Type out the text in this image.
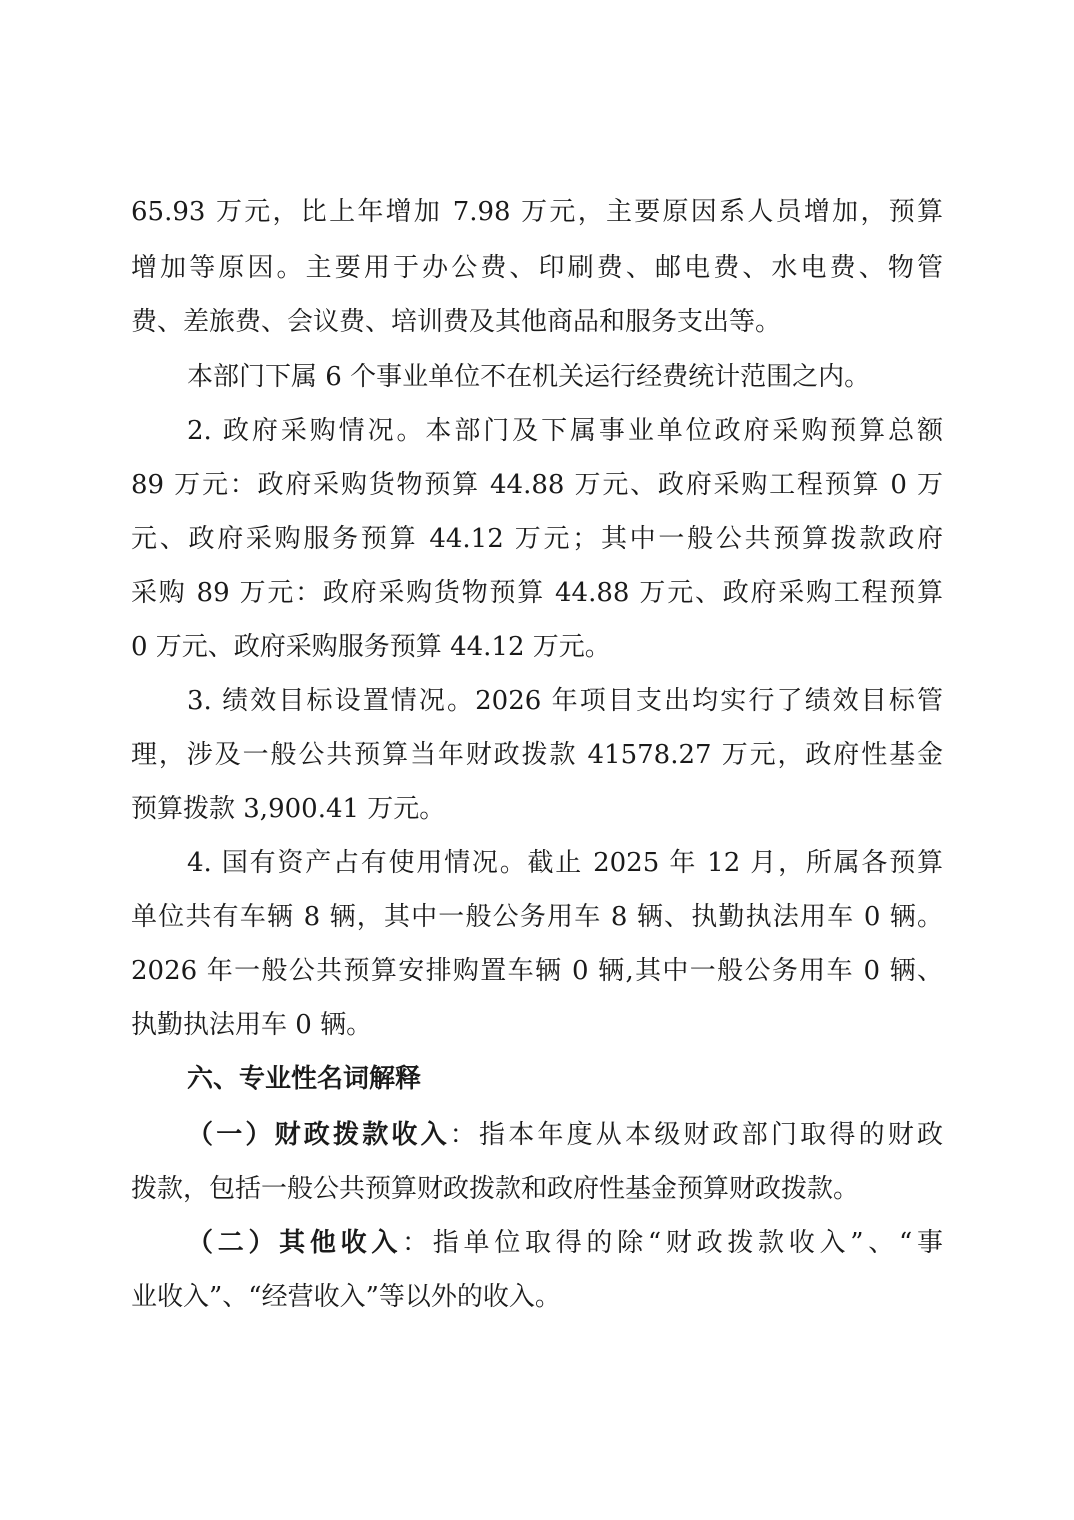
65.93 万元，比上年增加 7.98 万元，主要原因系人员增加，预算
增加等原因。主要用于办公费、印刷费、邮电费、水电费、物管
费、差旅费、会议费、培训费及其他商品和服务支出等。
本部门下属 6 个事业单位不在机关运行经费统计范围之内。
2. 政府采购情况。本部门及下属事业单位政府采购预算总额
89 万元：政府采购货物预算 44.88 万元、政府采购工程预算 0 万
元、政府采购服务预算 44.12 万元；其中一般公共预算拨款政府
采购 89 万元：政府采购货物预算 44.88 万元、政府采购工程预算
0 万元、政府采购服务预算 44.12 万元。
3. 绩效目标设置情况。2026 年项目支出均实行了绩效目标管
理，涉及一般公共预算当年财政拨款 41578.27 万元，政府性基金
预算拨款 3,900.41 万元。
4. 国有资产占有使用情况。截止 2025 年 12 月，所属各预算
单位共有车辆 8 辆，其中一般公务用车 8 辆、执勤执法用车 0 辆。
2026 年一般公共预算安排购置车辆 0 辆,其中一般公务用车 0 辆、
执勤执法用车 0 辆。
六、专业性名词解释
（一）财政拨款收入：指本年度从本级财政部门取得的财政
拨款，包括一般公共预算财政拨款和政府性基金预算财政拨款。
（二）其他收入：指单位取得的除“财政拨款收入”、“事
业收入”、“经营收入”等以外的收入。
